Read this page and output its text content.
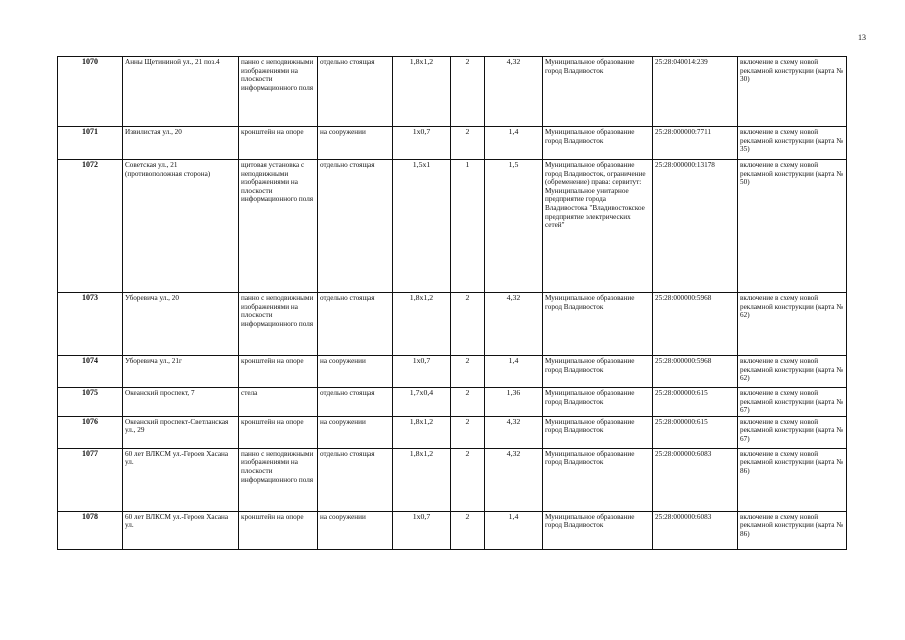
13
1070	Анны Щетининой ул., 21 поз.4	панно с неподвижными изображениями на плоскости информационного поля	отдельно стоящая	1,8x1,2	2	4,32	Муниципальное образование город Владивосток	25:28:040014:239	включение в схему новой рекламной конструкции (карта № 30)
1071	Извилистая ул., 20	кронштейн на опоре	на сооружении	1x0,7	2	1,4	Муниципальное образование город Владивосток	25:28:000000:7711	включение в схему новой рекламной конструкции (карта № 35)
1072	Советская ул., 21 (противоположная сторона)	щитовая установка с неподвижными изображениями на плоскости информационного поля	отдельно стоящая	1,5x1	1	1,5	Муниципальное образование город Владивосток, ограничение (обременение) права: сервитут: Муниципальное унитарное предприятие города Владивостока "Владивостокское предприятие электрических сетей"	25:28:000000:13178	включение в схему новой рекламной конструкции (карта № 50)
1073	Уборевича ул., 20	панно с неподвижными изображениями на плоскости информационного поля	отдельно стоящая	1,8x1,2	2	4,32	Муниципальное образование город Владивосток	25:28:000000:5968	включение в схему новой рекламной конструкции (карта № 62)
1074	Уборевича ул., 21г	кронштейн на опоре	на сооружении	1x0,7	2	1,4	Муниципальное образование город Владивосток	25:28:000000:5968	включение в схему новой рекламной конструкции (карта № 62)
1075	Океанский проспект, 7	стела	отдельно стоящая	1,7x0,4	2	1,36	Муниципальное образование город Владивосток	25:28:000000:615	включение в схему новой рекламной конструкции (карта № 67)
1076	Океанский проспект-Светланская ул., 29	кронштейн на опоре	на сооружении	1,8x1,2	2	4,32	Муниципальное образование город Владивосток	25:28:000000:615	включение в схему новой рекламной конструкции (карта № 67)
1077	60 лет ВЛКСМ ул.-Героев Хасана ул.	панно с неподвижными изображениями на плоскости информационного поля	отдельно стоящая	1,8x1,2	2	4,32	Муниципальное образование город Владивосток	25:28:000000:6083	включение в схему новой рекламной конструкции (карта № 86)
1078	60 лет ВЛКСМ ул.-Героев Хасана ул.	кронштейн на опоре	на сооружении	1x0,7	2	1,4	Муниципальное образование город Владивосток	25:28:000000:6083	включение в схему новой рекламной конструкции (карта № 86)
